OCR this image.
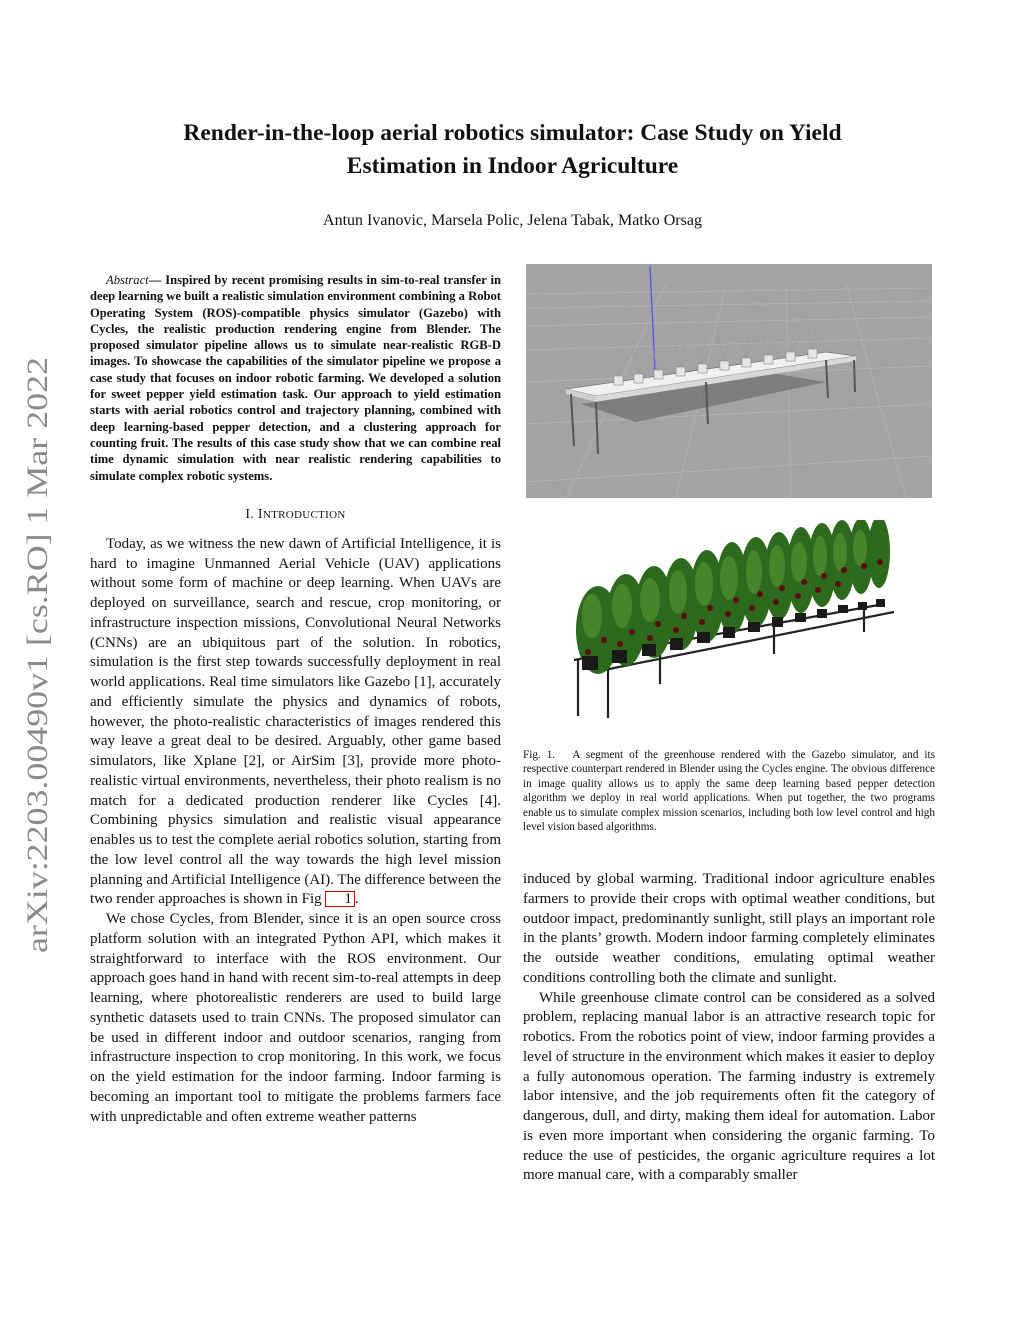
arXiv:2203.00490v1 [cs.RO] 1 Mar 2022
Render-in-the-loop aerial robotics simulator: Case Study on Yield
Estimation in Indoor Agriculture
Antun Ivanovic, Marsela Polic, Jelena Tabak, Matko Orsag

Abstract— Inspired by recent promising results in sim-to-real transfer in deep learning we built a realistic simulation environment combining a Robot Operating System (ROS)-compatible physics simulator (Gazebo) with Cycles, the realistic production rendering engine from Blender. The proposed simulator pipeline allows us to simulate near-realistic RGB-D images. To showcase the capabilities of the simulator pipeline we propose a case study that focuses on indoor robotic farming. We developed a solution for sweet pepper yield estimation task. Our approach to yield estimation starts with aerial robotics control and trajectory planning, combined with deep learning-based pepper detection, and a clustering approach for counting fruit. The results of this case study show that we can combine real time dynamic simulation with near realistic rendering capabilities to simulate complex robotic systems.

I. INTRODUCTION

Today, as we witness the new dawn of Artificial Intelligence, it is hard to imagine Unmanned Aerial Vehicle (UAV) applications without some form of machine or deep learning. When UAVs are deployed on surveillance, search and rescue, crop monitoring, or infrastructure inspection missions, Convolutional Neural Networks (CNNs) are an ubiquitous part of the solution. In robotics, simulation is the first step towards successfully deployment in real world applications. Real time simulators like Gazebo [1], accurately and efficiently simulate the physics and dynamics of robots, however, the photo-realistic characteristics of images rendered this way leave a great deal to be desired. Arguably, other game based simulators, like Xplane [2], or AirSim [3], provide more photo-realistic virtual environments, nevertheless, their photo realism is no match for a dedicated production renderer like Cycles [4]. Combining physics simulation and realistic visual appearance enables us to test the complete aerial robotics solution, starting from the low level control all the way towards the high level mission planning and Artificial Intelligence (AI). The difference between the two render approaches is shown in Fig 1 .

We chose Cycles, from Blender, since it is an open source cross platform solution with an integrated Python API, which makes it straightforward to interface with the ROS environment. Our approach goes hand in hand with recent sim-to-real attempts in deep learning, where photorealistic renderers are used to build large synthetic datasets used to train CNNs. The proposed simulator can be used in different indoor and outdoor scenarios, ranging from infrastructure inspection to crop monitoring. In this work, we focus on the yield estimation for the indoor farming. Indoor farming is becoming an important tool to mitigate the problems farmers face with unpredictable and often extreme weather patterns

Fig. 1. A segment of the greenhouse rendered with the Gazebo simulator, and its respective counterpart rendered in Blender using the Cycles engine. The obvious difference in image quality allows us to apply the same deep learning based pepper detection algorithm we deploy in real world applications. When put together, the two programs enable us to simulate complex mission scenarios, including both low level control and high level vision based algorithms.

induced by global warming. Traditional indoor agriculture enables farmers to provide their crops with optimal weather conditions, but outdoor impact, predominantly sunlight, still plays an important role in the plants’ growth. Modern indoor farming completely eliminates the outside weather conditions, emulating optimal weather conditions controlling both the climate and sunlight.

While greenhouse climate control can be considered as a solved problem, replacing manual labor is an attractive research topic for robotics. From the robotics point of view, indoor farming provides a level of structure in the environment which makes it easier to deploy a fully autonomous operation. The farming industry is extremely labor intensive, and the job requirements often fit the category of dangerous, dull, and dirty, making them ideal for automation. Labor is even more important when considering the organic farming. To reduce the use of pesticides, the organic agriculture requires a lot more manual care, with a comparably smaller
